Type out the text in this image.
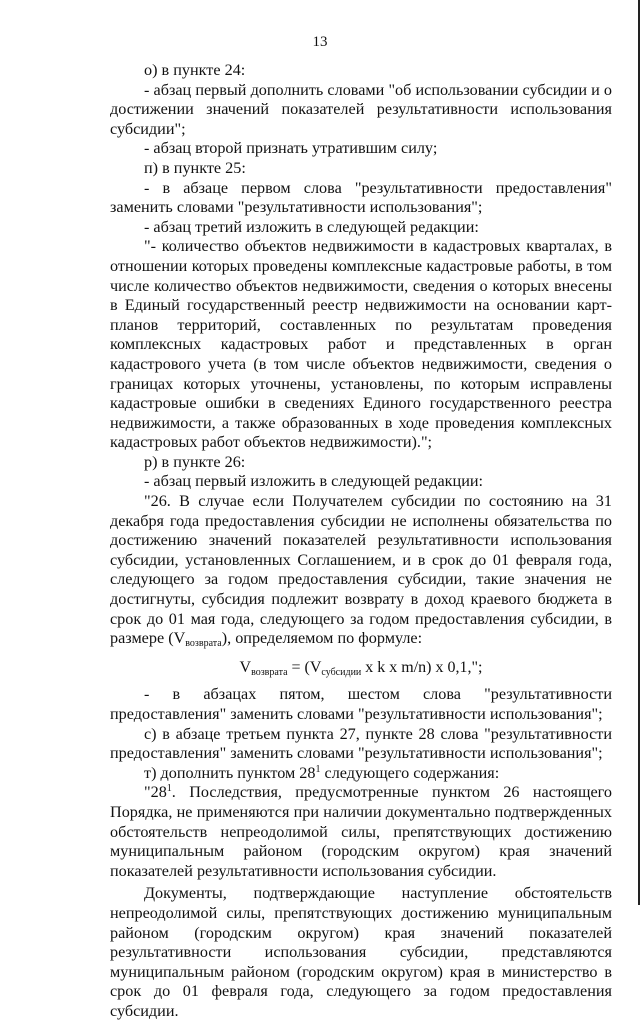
13

о) в пункте 24:

- абзац первый дополнить словами "об использовании субсидии и о достижении значений показателей результативности использования субсидии";

- абзац второй признать утратившим силу;

п) в пункте 25:

- в абзаце первом слова "результативности предоставления" заменить словами "результативности использования";

- абзац третий изложить в следующей редакции:

"- количество объектов недвижимости в кадастровых кварталах, в отношении которых проведены комплексные кадастровые работы, в том числе количество объектов недвижимости, сведения о которых внесены в Единый государственный реестр недвижимости на основании карт-планов территорий, составленных по результатам проведения комплексных кадастровых работ и представленных в орган кадастрового учета (в том числе объектов недвижимости, сведения о границах которых уточнены, установлены, по которым исправлены кадастровые ошибки в сведениях Единого государственного реестра недвижимости, а также образованных в ходе проведения комплексных кадастровых работ объектов недвижимости).";

р) в пункте 26:

- абзац первый изложить в следующей редакции:

"26. В случае если Получателем субсидии по состоянию на 31 декабря года предоставления субсидии не исполнены обязательства по достижению значений показателей результативности использования субсидии, установленных Соглашением, и в срок до 01 февраля года, следующего за годом предоставления субсидии, такие значения не достигнуты, субсидия подлежит возврату в доход краевого бюджета в срок до 01 мая года, следующего за годом предоставления субсидии, в размере $(V_{возврата})$, определяемом по формуле:

$V_{возврата} = (V_{субсидии}$ x k x m/n) x 0,1,";

- в абзацах пятом, шестом слова "результативности предоставления" заменить словами "результативности использования";

с) в абзаце третьем пункта 27, пункте 28 слова "результативности предоставления" заменить словами "результативности использования";

т) дополнить пунктом $28^1$ следующего содержания:

"$28^1$. Последствия, предусмотренные пунктом 26 настоящего Порядка, не применяются при наличии документально подтвержденных обстоятельств непреодолимой силы, препятствующих достижению муниципальным районом (городским округом) края значений показателей результативности использования субсидии.

Документы, подтверждающие наступление обстоятельств непреодолимой силы, препятствующих достижению муниципальным районом (городским округом) края значений показателей результативности использования субсидии, представляются муниципальным районом (городским округом) края в министерство в срок до 01 февраля года, следующего за годом предоставления субсидии.
